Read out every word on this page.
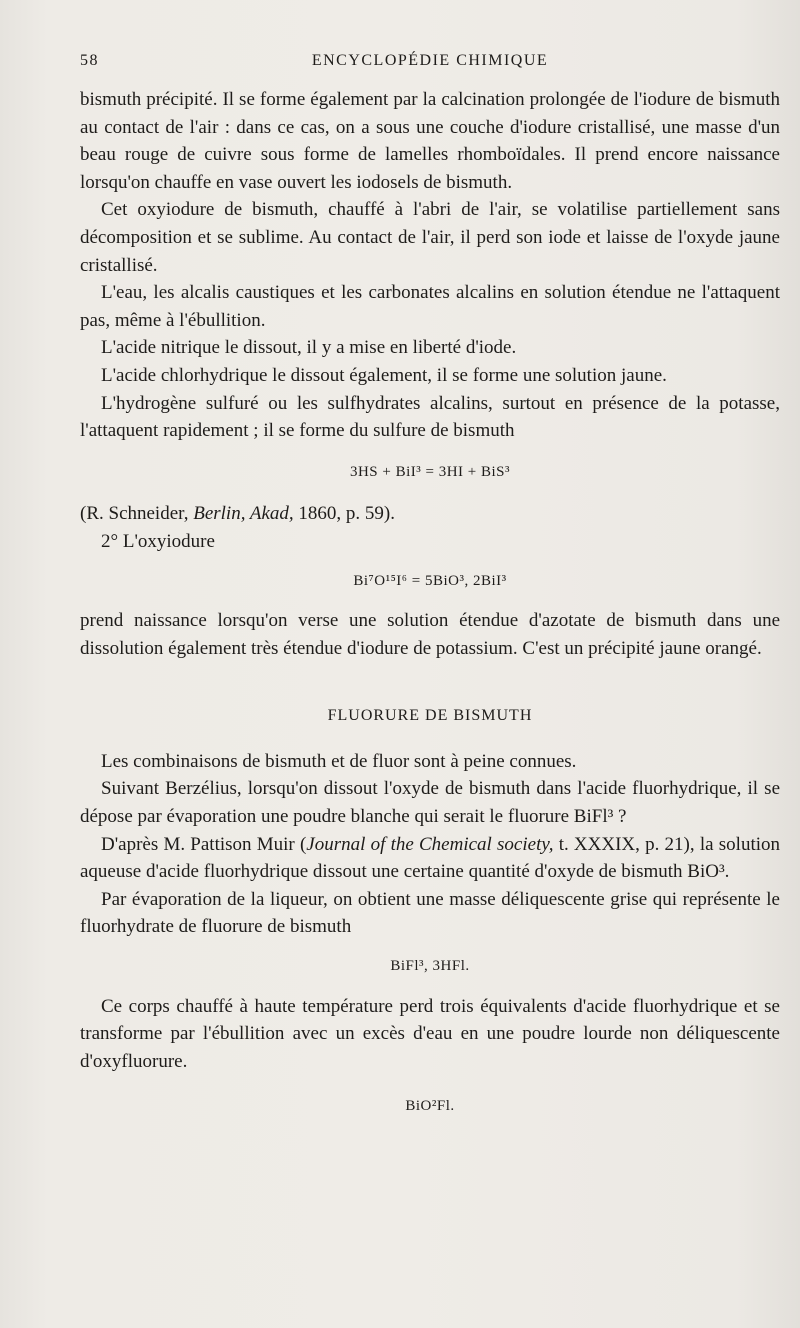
58	ENCYCLOPÉDIE CHIMIQUE

bismuth précipité. Il se forme également par la calcination prolongée de l'iodure de bismuth au contact de l'air : dans ce cas, on a sous une couche d'iodure cristallisé, une masse d'un beau rouge de cuivre sous forme de lamelles rhomboïdales. Il prend encore naissance lorsqu'on chauffe en vase ouvert les iodosels de bismuth.

Cet oxyiodure de bismuth, chauffé à l'abri de l'air, se volatilise partiellement sans décomposition et se sublime. Au contact de l'air, il perd son iode et laisse de l'oxyde jaune cristallisé.

L'eau, les alcalis caustiques et les carbonates alcalins en solution étendue ne l'attaquent pas, même à l'ébullition.

L'acide nitrique le dissout, il y a mise en liberté d'iode.

L'acide chlorhydrique le dissout également, il se forme une solution jaune.

L'hydrogène sulfuré ou les sulfhydrates alcalins, surtout en présence de la potasse, l'attaquent rapidement ; il se forme du sulfure de bismuth

3HS + BiI³ = 3HI + BiS³

(R. Schneider, Berlin, Akad, 1860, p. 59).

2° L'oxyiodure

Bi⁷O¹⁵I⁶ = 5BiO³, 2BiI³

prend naissance lorsqu'on verse une solution étendue d'azotate de bismuth dans une dissolution également très étendue d'iodure de potassium. C'est un précipité jaune orangé.

FLUORURE DE BISMUTH

Les combinaisons de bismuth et de fluor sont à peine connues.

Suivant Berzélius, lorsqu'on dissout l'oxyde de bismuth dans l'acide fluorhydrique, il se dépose par évaporation une poudre blanche qui serait le fluorure BiFl³ ?

D'après M. Pattison Muir (Journal of the Chemical society, t. XXXIX, p. 21), la solution aqueuse d'acide fluorhydrique dissout une certaine quantité d'oxyde de bismuth BiO³.

Par évaporation de la liqueur, on obtient une masse déliquescente grise qui représente le fluorhydrate de fluorure de bismuth

BiFl³, 3HFl.

Ce corps chauffé à haute température perd trois équivalents d'acide fluorhydrique et se transforme par l'ébullition avec un excès d'eau en une poudre lourde non déliquescente d'oxyfluorure.

BiO²Fl.
